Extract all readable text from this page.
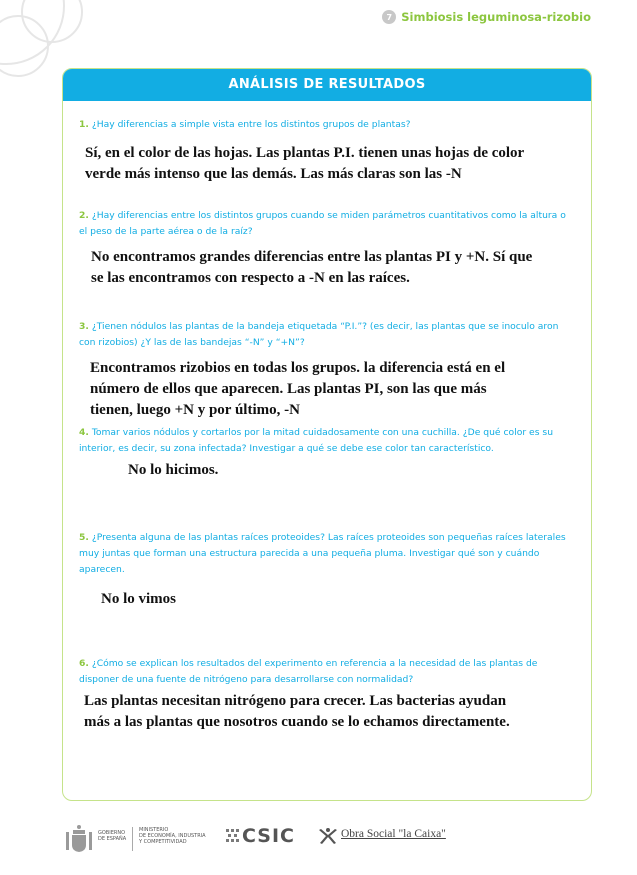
7 Simbiosis leguminosa-rizobio
ANÁLISIS DE RESULTADOS

1. ¿Hay diferencias a simple vista entre los distintos grupos de plantas?

Sí, en el color de las hojas. Las plantas P.I. tienen unas hojas de color
verde más intenso que las demás. Las más claras son las -N

2. ¿Hay diferencias entre los distintos grupos cuando se miden parámetros cuantitativos como la altura o el peso de la parte aérea o de la raíz?

No encontramos grandes diferencias entre las plantas PI y +N. Sí que
se las encontramos con respecto a -N en las raíces.

3. ¿Tienen nódulos las plantas de la bandeja etiquetada “P.I.”? (es decir, las plantas que se inoculo aron con rizobios) ¿Y las de las bandejas “-N” y “+N”?

Encontramos rizobios en todas los grupos. la diferencia está en el
número de ellos que aparecen. Las plantas PI, son las que más
tienen, luego +N y por último, -N

4. Tomar varios nódulos y cortarlos por la mitad cuidadosamente con una cuchilla. ¿De qué color es su interior, es decir, su zona infectada? Investigar a qué se debe ese color tan característico.

No lo hicimos.

5. ¿Presenta alguna de las plantas raíces proteoides? Las raíces proteoides son pequeñas raíces laterales muy juntas que forman una estructura parecida a una pequeña pluma. Investigar qué son y cuándo aparecen.

No lo vimos

6. ¿Cómo se explican los resultados del experimento en referencia a la necesidad de las plantas de disponer de una fuente de nitrógeno para desarrollarse con normalidad?

Las plantas necesitan nitrógeno para crecer. Las bacterias ayudan
más a las plantas que nosotros cuando se lo echamos directamente.
GOBIERNO
DE ESPAÑA
MINISTERIO
DE ECONOMÍA, INDUSTRIA
Y COMPETITIVIDAD	CSIC	Obra Social "la Caixa"
